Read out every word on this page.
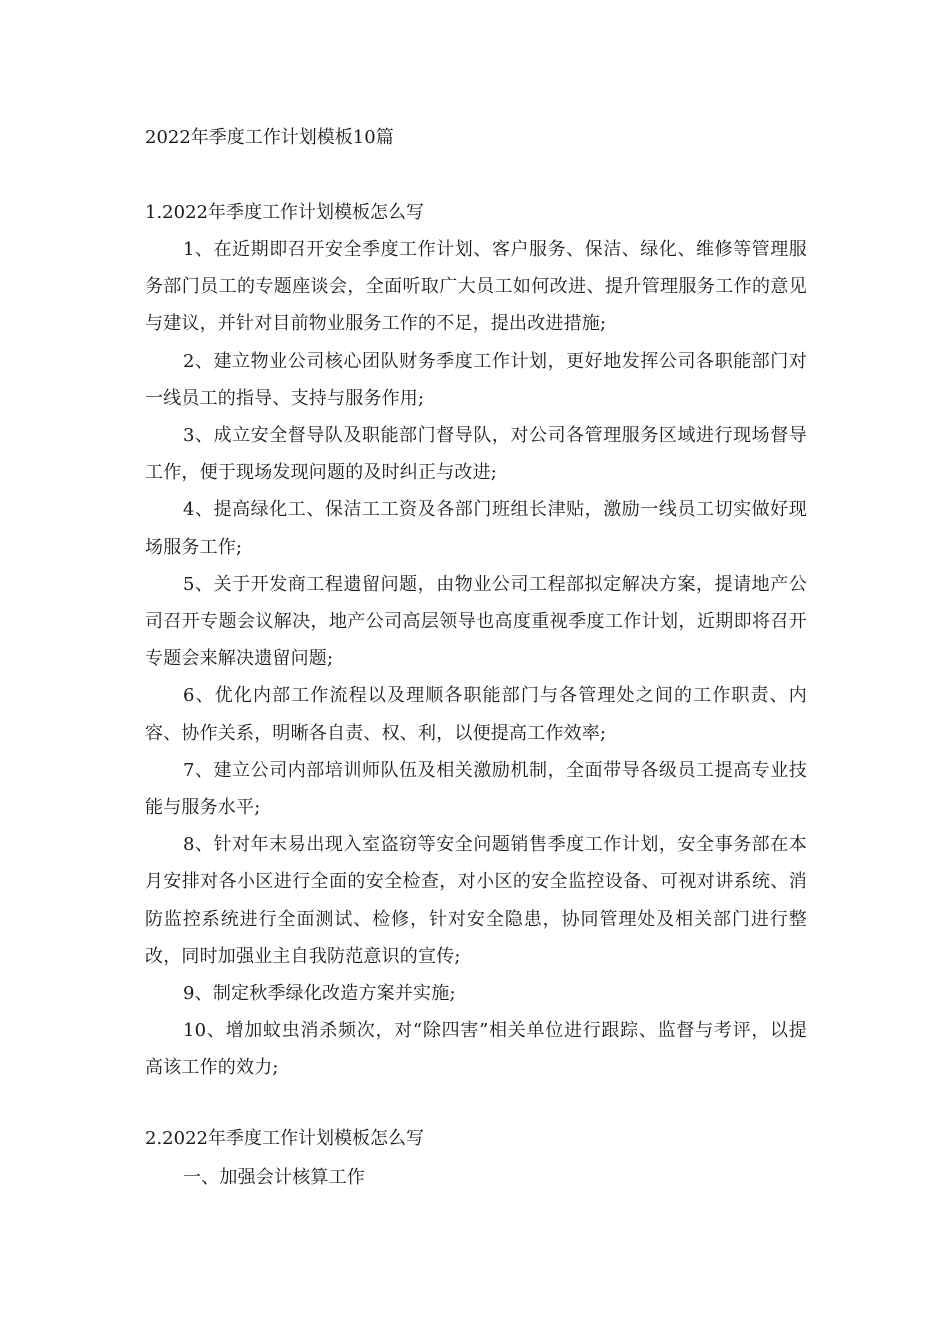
2022年季度工作计划模板10篇
1.2022年季度工作计划模板怎么写

1、在近期即召开安全季度工作计划、客户服务、保洁、绿化、维修等管理服务部门员工的专题座谈会，全面听取广大员工如何改进、提升管理服务工作的意见与建议，并针对目前物业服务工作的不足，提出改进措施;

2、建立物业公司核心团队财务季度工作计划，更好地发挥公司各职能部门对一线员工的指导、支持与服务作用;

3、成立安全督导队及职能部门督导队，对公司各管理服务区域进行现场督导工作，便于现场发现问题的及时纠正与改进;

4、提高绿化工、保洁工工资及各部门班组长津贴，激励一线员工切实做好现场服务工作;

5、关于开发商工程遗留问题，由物业公司工程部拟定解决方案，提请地产公司召开专题会议解决，地产公司高层领导也高度重视季度工作计划，近期即将召开专题会来解决遗留问题;

6、优化内部工作流程以及理顺各职能部门与各管理处之间的工作职责、内容、协作关系，明晰各自责、权、利，以便提高工作效率;

7、建立公司内部培训师队伍及相关激励机制，全面带导各级员工提高专业技能与服务水平;

8、针对年末易出现入室盗窃等安全问题销售季度工作计划，安全事务部在本月安排对各小区进行全面的安全检查，对小区的安全监控设备、可视对讲系统、消防监控系统进行全面测试、检修，针对安全隐患，协同管理处及相关部门进行整改，同时加强业主自我防范意识的宣传;

9、制定秋季绿化改造方案并实施;

10、增加蚊虫消杀频次，对“除四害”相关单位进行跟踪、监督与考评，以提高该工作的效力;

2.2022年季度工作计划模板怎么写

一、加强会计核算工作
